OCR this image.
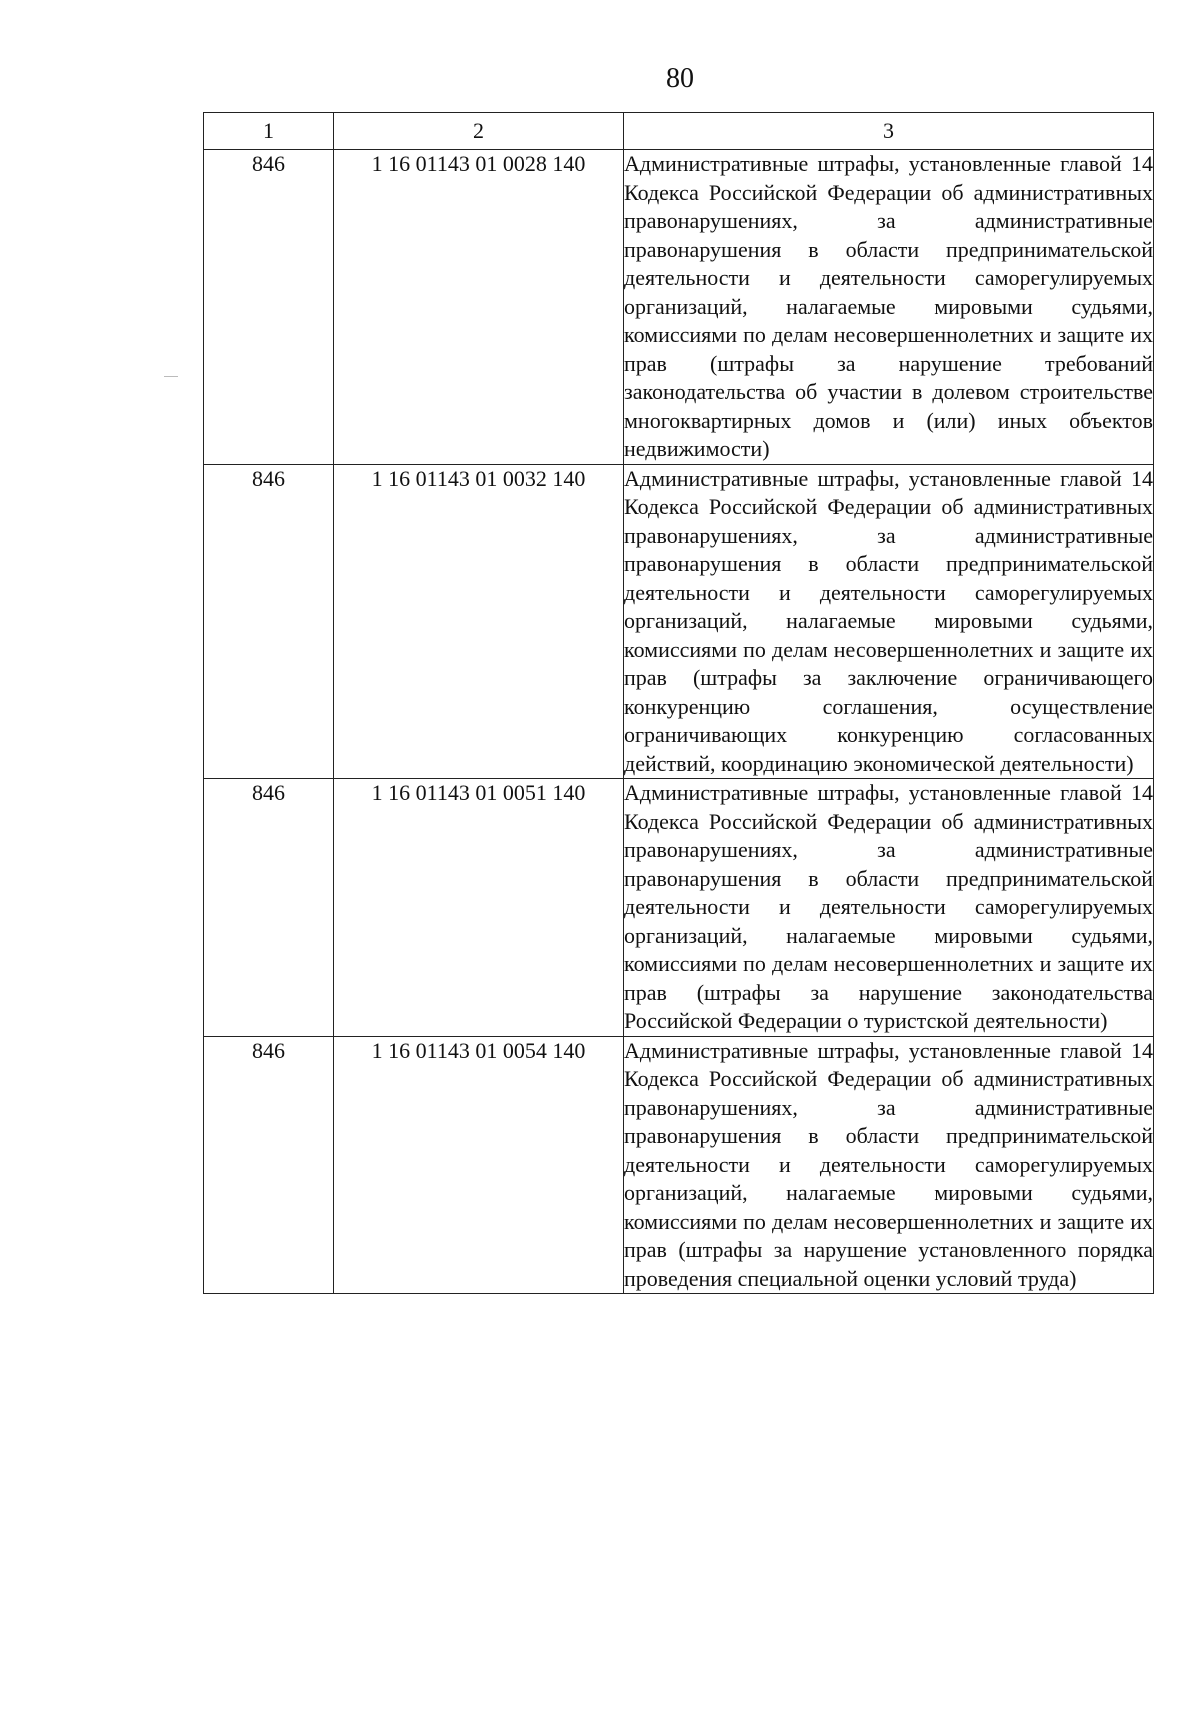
80
1	2	3
846	1 16 01143 01 0028 140	Административные штрафы, установленные главой 14 Кодекса Российской Федерации об административных правонарушениях, за административные правонарушения в области предпринимательской деятельности и деятельности саморегулируемых организаций, налагаемые мировыми судьями, комиссиями по делам несовершеннолетних и защите их прав (штрафы за нарушение требований законодательства об участии в долевом строительстве многоквартирных домов и (или) иных объектов недвижимости)
846	1 16 01143 01 0032 140	Административные штрафы, установленные главой 14 Кодекса Российской Федерации об административных правонарушениях, за административные правонарушения в области предпринимательской деятельности и деятельности саморегулируемых организаций, налагаемые мировыми судьями, комиссиями по делам несовершеннолетних и защите их прав (штрафы за заключение ограничивающего конкуренцию соглашения, осуществление ограничивающих конкуренцию согласованных действий, координацию экономической деятельности)
846	1 16 01143 01 0051 140	Административные штрафы, установленные главой 14 Кодекса Российской Федерации об административных правонарушениях, за административные правонарушения в области предпринимательской деятельности и деятельности саморегулируемых организаций, налагаемые мировыми судьями, комиссиями по делам несовершеннолетних и защите их прав (штрафы за нарушение законодательства Российской Федерации о туристской деятельности)
846	1 16 01143 01 0054 140	Административные штрафы, установленные главой 14 Кодекса Российской Федерации об административных правонарушениях, за административные правонарушения в области предпринимательской деятельности и деятельности саморегулируемых организаций, налагаемые мировыми судьями, комиссиями по делам несовершеннолетних и защите их прав (штрафы за нарушение установленного порядка проведения специальной оценки условий труда)
